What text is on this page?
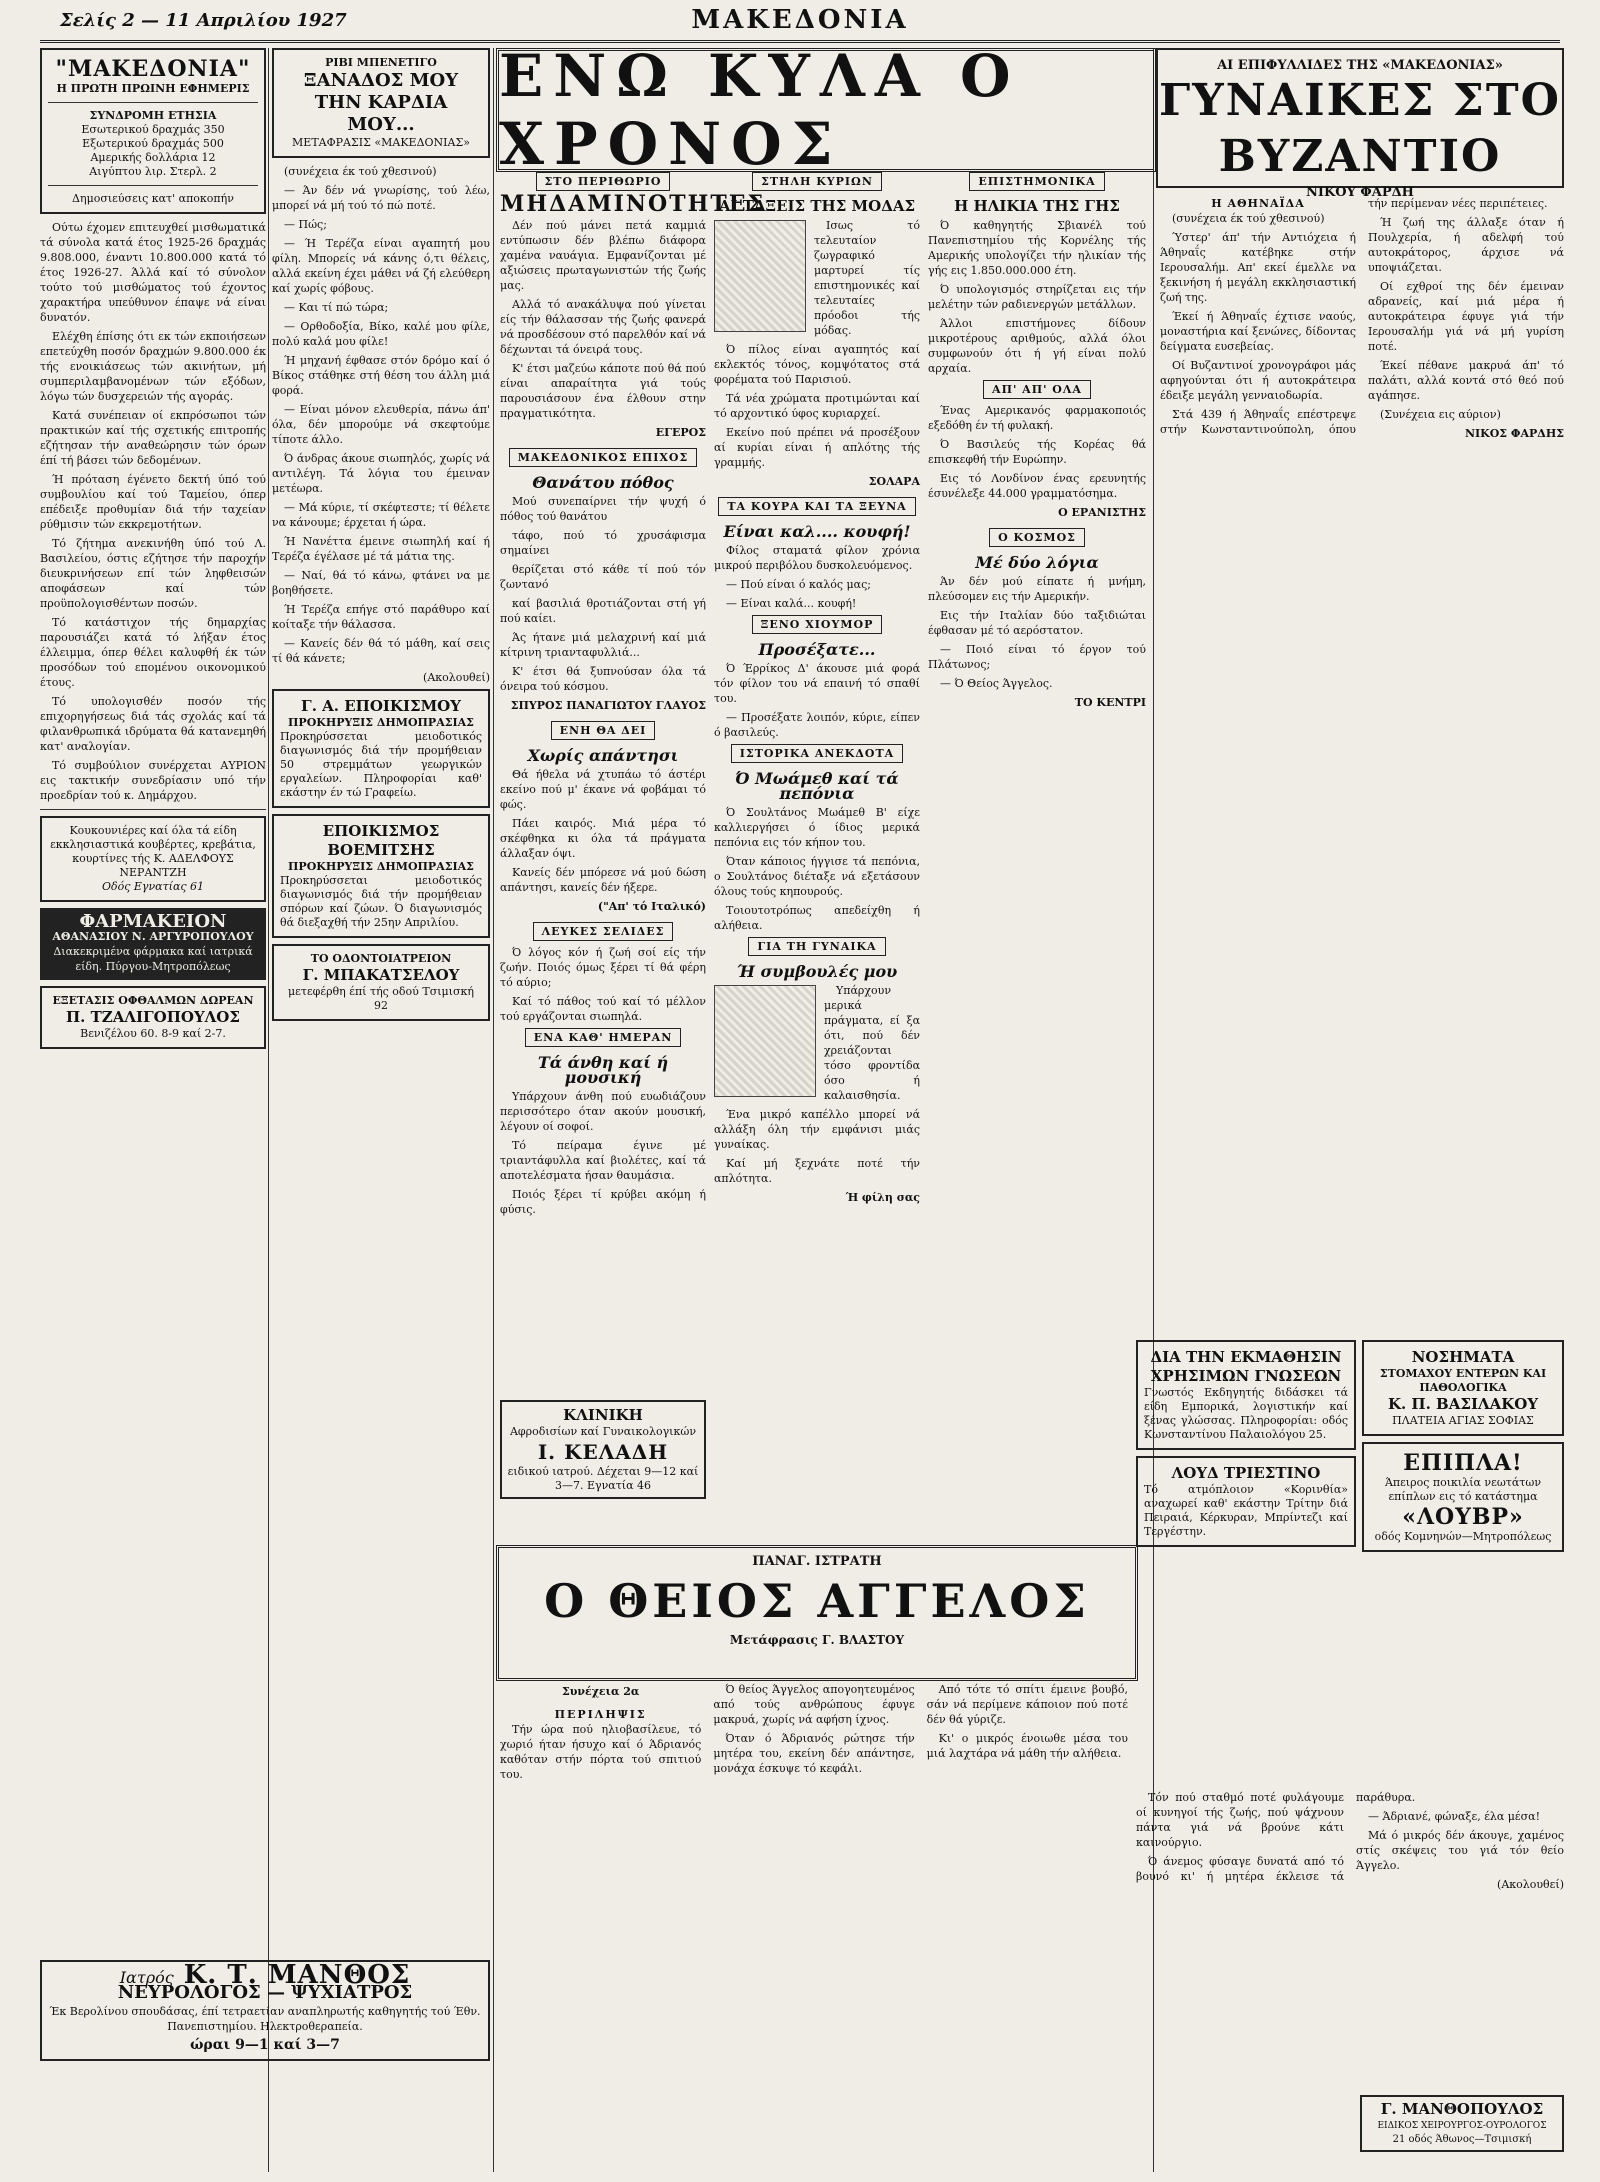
Σελίς 2 — 11 Απριλίου 1927	ΜΑΚΕΔΟΝΙΑ
"ΜΑΚΕΔΟΝΙΑ"
Η ΠΡΩΤΗ ΠΡΩΙΝΗ ΕΦΗΜΕΡΙΣ
ΣΥΝΔΡΟΜΗ ΕΤΗΣΙΑ
Εσωτερικού δραχμάς 350
Εξωτερικού δραχμάς 500
Αμερικής δολλάρια 12
Αιγύπτου λιρ. Στερλ. 2
Δημοσιεύσεις κατ' αποκοπήν

Ούτω έχομεν επιτευχθεί μισθωματικά τά σύνολα κατά έτος 1925-26 δραχμάς 9.808.000, έναντι 10.800.000 κατά τό έτος 1926-27. Άλλά καί τό σύνολον τούτο τού μισθώματος τού έχοντος χαρακτήρα υπεύθυνον έπαψε νά είναι δυνατόν.

Ελέχθη έπίσης ότι εκ τών εκποιήσεων επετεύχθη ποσόν δραχμών 9.800.000 έκ τής ενοικιάσεως τών ακινήτων, μή συμπεριλαμβανομένων τών εξόδων, λόγω τών δυσχερειών τής αγοράς.

Κατά συνέπειαν οί εκπρόσωποι τών πρακτικών καί τής σχετικής επιτροπής εζήτησαν τήν αναθεώρησιν τών όρων έπί τή βάσει τών δεδομένων.

Ή πρόταση έγένετο δεκτή ύπό τού συμβουλίου καί τού Ταμείου, όπερ επέδειξε προθυμίαν διά τήν ταχείαν ρύθμισιν τών εκκρεμοτήτων.

Τό ζήτημα ανεκινήθη ύπό τού Λ. Βασιλείου, όστις εζήτησε τήν παροχήν διευκρινήσεων επί τών ληφθεισών αποφάσεων καί τών προϋπολογισθέντων ποσών.

Τό κατάστιχον τής δημαρχίας παρουσιάζει κατά τό λήξαν έτος έλλειμμα, όπερ θέλει καλυφθή έκ τών προσόδων τού επομένου οικονομικού έτους.

Τό υπολογισθέν ποσόν τής επιχορηγήσεως διά τάς σχολάς καί τά φιλανθρωπικά ιδρύματα θά κατανεμηθή κατ' αναλογίαν.

Τό συμβούλιον συνέρχεται ΑΥΡΙΟΝ εις τακτικήν συνεδρίασιν υπό τήν προεδρίαν τού κ. Δημάρχου.

Κουκουνιέρες καί όλα τά είδη εκκλησιαστικά κουβέρτες, κρεβάτια, κουρτίνες τής Κ. ΑΔΕΛΦΟΥΣ ΝΕΡΑΝΤΖΗ
Οδός Εγνατίας 61
ΦΑΡΜΑΚΕΙΟΝ
ΑΘΑΝΑΣΙΟΥ Ν. ΑΡΓΥΡΟΠΟΥΛΟΥ
Διακεκριμένα φάρμακα καί ιατρικά είδη. Πύργου-Μητροπόλεως
ΕΞΕΤΑΣΙΣ ΟΦΘΑΛΜΩΝ ΔΩΡΕΑΝ
Π. ΤΖΑΛΙΓΟΠΟΥΛΟΣ
Βενιζέλου 60. 8-9 καί 2-7.
ΡΙΒΙ ΜΠΕΝΕΤΙΓΟ
ΞΑΝΑΔΟΣ ΜΟΥ ΤΗΝ ΚΑΡΔΙΑ ΜΟΥ...
ΜΕΤΑΦΡΑΣΙΣ «ΜΑΚΕΔΟΝΙΑΣ»

(συνέχεια έκ τού χθεσινού)

— Άν δέν νά γνωρίσης, τού λέω, μπορεί νά μή τού τό πώ ποτέ.

— Πώς;

— Ή Τερέζα είναι αγαπητή μου φίλη. Μπορείς νά κάνης ό,τι θέλεις, αλλά εκείνη έχει μάθει νά ζή ελεύθερη καί χωρίς φόβους.

— Και τί πώ τώρα;

— Ορθοδοξία, Βίκο, καλέ μου φίλε, πολύ καλά μου φίλε!

Ή μηχανή έφθασε στόν δρόμο καί ό Βίκος στάθηκε στή θέση του άλλη μιά φορά.

— Είναι μόνον ελευθερία, πάνω άπ' όλα, δέν μπορούμε νά σκεφτούμε τίποτε άλλο.

Ό άνδρας άκουε σιωπηλός, χωρίς νά αντιλέγη. Τά λόγια του έμειναν μετέωρα.

— Μά κύριε, τί σκέφτεστε; τί θέλετε να κάνουμε; έρχεται ή ώρα.

Ή Νανέττα έμεινε σιωπηλή καί ή Τερέζα έγέλασε μέ τά μάτια της.

— Ναί, θά τό κάνω, φτάνει να με βοηθήσετε.

Ή Τερέζα επήγε στό παράθυρο καί κοίταξε τήν θάλασσα.

— Κανείς δέν θά τό μάθη, καί σεις τί θά κάνετε;

(Ακολουθεί)

Γ. Α. ΕΠΟΙΚΙΣΜΟΥ
ΠΡΟΚΗΡΥΞΙΣ ΔΗΜΟΠΡΑΣΙΑΣ
Προκηρύσσεται μειοδοτικός διαγωνισμός διά τήν προμήθειαν 50 στρεμμάτων γεωργικών εργαλείων. Πληροφορίαι καθ' εκάστην έν τώ Γραφείω.
ΕΠΟΙΚΙΣΜΟΣ ΒΟΕΜΙΤΣΗΣ
ΠΡΟΚΗΡΥΞΙΣ ΔΗΜΟΠΡΑΣΙΑΣ
Προκηρύσσεται μειοδοτικός διαγωνισμός διά τήν προμήθειαν σπόρων καί ζώων. Ό διαγωνισμός θά διεξαχθή τήν 25ην Απριλίου.
ΤΟ ΟΔΟΝΤΟΙΑΤΡΕΙΟΝ
Γ. ΜΠΑΚΑΤΣΕΛΟΥ
μετεφέρθη έπί τής οδού Τσιμισκή 92
Ιατρός Κ. Τ. ΜΑΝΘΟΣ
ΝΕΥΡΟΛΟΓΟΣ — ΨΥΧΙΑΤΡΟΣ
Έκ Βερολίνου σπουδάσας, έπί τετραετίαν αναπληρωτής καθηγητής τού Έθν. Πανεπιστημίου. Ηλεκτροθεραπεία.
ώραι 9—1 καί 3—7
ΕΝΩ ΚΥΛΑ Ο ΧΡΟΝΟΣ
ΣΤΟ ΠΕΡΙΘΩΡΙΟ
ΜΗΔΑΜΙΝΟΤΗΤΕΣ

Δέν πού μάνει πετά καμμιά εντύπωσιν δέν βλέπω διάφορα χαμένα ναυάγια. Εμφανίζονται μέ αξιώσεις πρωταγωνιστών τής ζωής μας.

Αλλά τό ανακάλυψα πού γίνεται είς τήν θάλασσαν τής ζωής φανερά νά προσδέσουν στό παρελθόν καί νά δέχωνται τά όνειρά τους.

Κ' έτσι μαζεύω κάποτε πού θά πού είναι απαραίτητα γιά τούς παρουσιάσουν ένα έλθουν στην πραγματικότητα.

ΕΓΕΡΟΣ
ΜΑΚΕΔΟΝΙΚΟΣ ΕΠΙΧΟΣ
Θανάτου πόθος

Μού συνεπαίρνει τήν ψυχή ό πόθος τού θανάτου

τάφο, πού τό χρυσάφισμα σημαίνει

θερίζεται στό κάθε τί πού τόν ζωντανό

καί βασιλιά θροτιάζονται στή γή πού καίει.

Άς ήτανε μιά μελαχρινή καί μιά κίτρινη τριανταφυλλιά...

Κ' έτσι θά ξυπνούσαν όλα τά όνειρα τού κόσμου.

ΣΠΥΡΟΣ ΠΑΝΑΓΙΩΤΟΥ ΓΛΑΥΟΣ
ΕΝΗ ΘΑ ΔΕΙ
Χωρίς απάντησι

Θά ήθελα νά χτυπάω τό άστέρι εκείνο πού μ' έκανε νά φοβάμαι τό φώς.

Πάει καιρός. Μιά μέρα τό σκέφθηκα κι όλα τά πράγματα άλλαξαν όψι.

Κανείς δέν μπόρεσε νά μού δώση απάντησι, κανείς δέν ήξερε.

("Απ' τό Ιταλικό)
ΛΕΥΚΕΣ ΣΕΛΙΔΕΣ

Ό λόγος κόν ή ζωή σοί είς τήν ζωήν. Ποιός όμως ξέρει τί θά φέρη τό αύριο;

Καί τό πάθος τού καί τό μέλλον τού εργάζονται σιωπηλά.

ΕΝΑ ΚΑΘ' ΗΜΕΡΑΝ
Τά άνθη καί ή μουσική

Υπάρχουν άνθη πού ευωδιάζουν περισσότερο όταν ακούν μουσική, λέγουν οί σοφοί.

Τό πείραμα έγινε μέ τριαντάφυλλα καί βιολέτες, καί τά αποτελέσματα ήσαν θαυμάσια.

Ποιός ξέρει τί κρύβει ακόμη ή φύσις.

ΣΤΗΛΗ ΚΥΡΙΩΝ
ΑΙ ΤΑΞΕΙΣ ΤΗΣ ΜΟΔΑΣ

Ισως τό τελευταίον ζωγραφικό μαρτυρεί τίς επιστημονικές καί τελευταίες πρόοδοι τής μόδας.

Ό πίλος είναι αγαπητός καί εκλεκτός τόνος, κομψότατος στά φορέματα τού Παρισιού.

Τά νέα χρώματα προτιμώνται καί τό αρχοντικό ύφος κυριαρχεί.

Εκείνο πού πρέπει νά προσέξουν αί κυρίαι είναι ή απλότης τής γραμμής.

ΣΟΛΑΡΑ
ΤΑ ΚΟΥΡΑ ΚΑΙ ΤΑ ΞΕΥΝΑ
Είναι καλ.... κουφή!

Φίλος σταματά φίλον χρόνια μικρού περιβόλου δυσκολευόμενος.

— Πού είναι ό καλός μας;

— Είναι καλά... κουφή!

ΞΕΝΟ ΧΙΟΥΜΟΡ
Προσέξατε...

Ό Έρρίκος Δ' άκουσε μιά φορά τόν φίλον του νά επαινή τό σπαθί του.

— Προσέξατε λοιπόν, κύριε, είπεν ό βασιλεύς.

ΙΣΤΟΡΙΚΑ ΑΝΕΚΔΟΤΑ
Ό Μωάμεθ καί τά πεπόνια

Ό Σουλτάνος Μωάμεθ Β' είχε καλλιεργήσει ό ίδιος μερικά πεπόνια εις τόν κήπον του.

Όταν κάποιος ήγγισε τά πεπόνια, ο Σουλτάνος διέταξε νά εξετάσουν όλους τούς κηπουρούς.

Τοιουτοτρόπως απεδείχθη ή αλήθεια.

ΓΙΑ ΤΗ ΓΥΝΑΙΚΑ
Ή συμβουλές μου

Υπάρχουν μερικά πράγματα, εί ξα ότι, πού δέν χρειάζονται τόσο φροντίδα όσο ή καλαισθησία.

Ένα μικρό καπέλλο μπορεί νά αλλάξη όλη τήν εμφάνισι μιάς γυναίκας.

Καί μή ξεχνάτε ποτέ τήν απλότητα.

Ή φίλη σας
ΕΠΙΣΤΗΜΟΝΙΚΑ
Η ΗΛΙΚΙΑ ΤΗΣ ΓΗΣ

Ό καθηγητής Σβιανέλ τού Πανεπιστημίου τής Κορνέλης τής Αμερικής υπολογίζει τήν ηλικίαν τής γής εις 1.850.000.000 έτη.

Ό υπολογισμός στηρίζεται εις τήν μελέτην τών ραδιενεργών μετάλλων.

Άλλοι επιστήμονες δίδουν μικροτέρους αριθμούς, αλλά όλοι συμφωνούν ότι ή γή είναι πολύ αρχαία.

ΑΠ' ΑΠ' ΟΛΑ

Ένας Αμερικανός φαρμακοποιός εξεδόθη έν τή φυλακή.

Ό Βασιλεύς τής Κορέας θά επισκεφθή τήν Ευρώπην.

Εις τό Λονδίνον ένας ερευνητής έσυνέλεξε 44.000 γραμματόσημα.

Ο ΕΡΑΝΙΣΤΗΣ
Ο ΚΟΣΜΟΣ
Μέ δύο λόγια

Άν δέν μού είπατε ή μνήμη, πλεύσομεν εις τήν Αμερικήν.

Εις τήν Ιταλίαν δύο ταξιδιώται έφθασαν μέ τό αερόστατον.

— Ποιό είναι τό έργον τού Πλάτωνος;

— Ό Θείος Άγγελος.

ΤΟ ΚΕΝΤΡΙ
ΚΛΙΝΙΚΗ
Αφροδισίων καί Γυναικολογικών
Ι. ΚΕΛΑΔΗ
ειδικού ιατρού. Δέχεται 9—12 καί 3—7. Εγνατία 46
ΠΑΝΑΓ. ΙΣΤΡΑΤΗ
Ο ΘΕΙΟΣ ΑΓΓΕΛΟΣ
Μετάφρασις Γ. ΒΛΑΣΤΟΥ
Συνέχεια 2α
ΠΕΡΙΛΗΨΙΣ

Τήν ώρα πού ηλιοβασίλευε, τό χωριό ήταν ήσυχο καί ό Άδριανός καθόταν στήν πόρτα τού σπιτιού του.

Ό θείος Άγγελος απογοητευμένος από τούς ανθρώπους έφυγε μακρυά, χωρίς νά αφήση ίχνος.

Όταν ό Άδριανός ρώτησε τήν μητέρα του, εκείνη δέν απάντησε, μονάχα έσκυψε τό κεφάλι.

Από τότε τό σπίτι έμεινε βουβό, σάν νά περίμενε κάποιον πού ποτέ δέν θά γύριζε.

Κι' ο μικρός ένοιωθε μέσα του μιά λαχτάρα νά μάθη τήν αλήθεια.

ΑΙ ΕΠΙΦΥΛΛΙΔΕΣ ΤΗΣ «ΜΑΚΕΔΟΝΙΑΣ»
ΓΥΝΑΙΚΕΣ ΣΤΟ ΒΥΖΑΝΤΙΟ
ΝΙΚΟΥ ΦΑΡΔΗ
Η ΑΘΗΝΑΪΔΑ

(συνέχεια έκ τού χθεσινού)

Ύστερ' άπ' τήν Αντιόχεια ή Άθηναΐς κατέβηκε στήν Ιερουσαλήμ. Απ' εκεί έμελλε να ξεκινήση ή μεγάλη εκκλησιαστική ζωή της.

Έκεί ή Άθηναΐς έχτισε ναούς, μοναστήρια καί ξενώνες, δίδοντας δείγματα ευσεβείας.

Οί Βυζαντινοί χρονογράφοι μάς αφηγούνται ότι ή αυτοκράτειρα έδειξε μεγάλη γενναιοδωρία.

Στά 439 ή Άθηναΐς επέστρεψε στήν Κωνσταντινούπολη, όπου τήν περίμεναν νέες περιπέτειες.

Ή ζωή της άλλαξε όταν ή Πουλχερία, ή αδελφή τού αυτοκράτορος, άρχισε νά υποψιάζεται.

Οί εχθροί της δέν έμειναν αδρανείς, καί μιά μέρα ή αυτοκράτειρα έφυγε γιά τήν Ιερουσαλήμ γιά νά μή γυρίση ποτέ.

Έκεί πέθανε μακρυά άπ' τό παλάτι, αλλά κοντά στό θεό πού αγάπησε.

(Συνέχεια εις αύριον)

ΝΙΚΟΣ ΦΑΡΔΗΣ
ΔΙΑ ΤΗΝ ΕΚΜΑΘΗΣΙΝ ΧΡΗΣΙΜΩΝ ΓΝΩΣΕΩΝ
Γνωστός Εκδηγητής διδάσκει τά είδη Εμπορικά, λογιστικήν καί ξένας γλώσσας. Πληροφορίαι: οδός Κωνσταντίνου Παλαιολόγου 25.
ΛΟΥΔ ΤΡΙΕΣΤΙΝΟ
Τό ατμόπλοιον «Κορινθία» αναχωρεί καθ' εκάστην Τρίτην διά Πειραιά, Κέρκυραν, Μπρίντεζι καί Τεργέστην.
ΝΟΣΗΜΑΤΑ
ΣΤΟΜΑΧΟΥ ΕΝΤΕΡΩΝ ΚΑΙ ΠΑΘΟΛΟΓΙΚΑ
Κ. Π. ΒΑΣΙΛΑΚΟΥ
ΠΛΑΤΕΙΑ ΑΓΙΑΣ ΣΟΦΙΑΣ
ΕΠΙΠΛΑ!
Άπειρος ποικιλία νεωτάτων επίπλων εις τό κατάστημα
«ΛΟΥΒΡ»
οδός Κομνηνών—Μητροπόλεως

Τόν πού σταθμό ποτέ φυλάγουμε οί κυνηγοί τής ζωής, πού ψάχνουν πάντα γιά νά βρούνε κάτι καινούργιο.

Ό άνεμος φύσαγε δυνατά από τό βουνό κι' ή μητέρα έκλεισε τά παράθυρα.

— Άδριανέ, φώναξε, έλα μέσα!

Μά ό μικρός δέν άκουγε, χαμένος στίς σκέψεις του γιά τόν θείο Άγγελο.

(Ακολουθεί)

Γ. ΜΑΝΘΟΠΟΥΛΟΣ
ΕΙΔΙΚΟΣ ΧΕΙΡΟΥΡΓΟΣ-ΟΥΡΟΛΟΓΟΣ
21 οδός Άθωνος—Τσιμισκή
